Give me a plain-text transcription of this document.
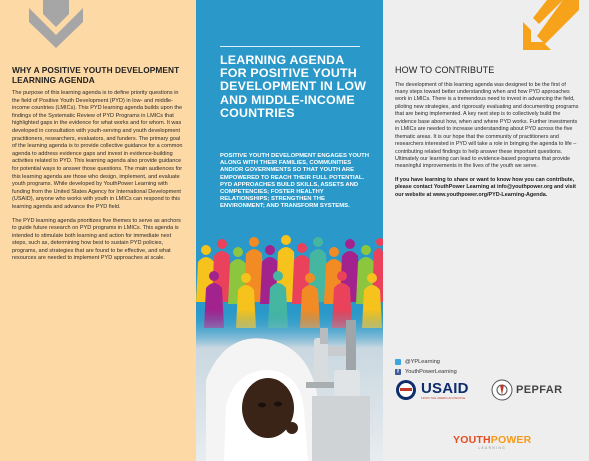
WHY A POSITIVE YOUTH DEVELOPMENT LEARNING AGENDA

The purpose of this learning agenda is to define priority questions in the field of Positive Youth Development (PYD) in low- and middle-income countries (LMICs). This PYD learning agenda builds upon the findings of the Systematic Review of PYD Programs in LMICs that highlighted gaps in the evidence for what works and for whom. It was developed in consultation with youth-serving and youth development practitioners, researchers, evaluators, and funders. The primary goal of the learning agenda is to provide collective guidance for a common agenda to address evidence gaps and invest in evidence-building activities related to PYD. This learning agenda also provide guidance for potential ways to answer those questions. The main audiences for this learning agenda are those who design, implement, and evaluate youth programs. While developed by YouthPower Learning with funding from the United States Agency for International Development (USAID), anyone who works with youth in LMICs can respond to this learning agenda and advance the PYD field.

The PYD learning agenda prioritizes five themes to serve as anchors to guide future research on PYD programs in LMICs. This agenda is intended to stimulate both learning and action for immediate next steps, such as, determining how best to sustain PYD policies, programs, and strategies that are found to be effective, and what resources are needed to implement PYD approaches at scale.

LEARNING AGENDA FOR POSITIVE YOUTH DEVELOPMENT IN LOW AND MIDDLE-INCOME COUNTRIES

POSITIVE YOUTH DEVELOPMENT ENGAGES YOUTH ALONG WITH THEIR FAMILIES, COMMUNITIES AND/OR GOVERNMENTS SO THAT YOUTH ARE EMPOWERED TO REACH THEIR FULL POTENTIAL. PYD APPROACHES BUILD SKILLS, ASSETS AND COMPETENCIES; FOSTER HEALTHY RELATIONSHIPS; STRENGTHEN THE ENVIRONMENT; AND TRANSFORM SYSTEMS.

Photo Credit: Jake Lyell for ACDI/VOCA
HOW TO CONTRIBUTE

The development of this learning agenda was designed to be the first of many steps toward better understanding when and how PYD approaches work in LMICs. There is a tremendous need to invest in advancing the field, piloting new strategies, and rigorously evaluating and documenting programs that are being implemented. A key next step is to collectively build the evidence base about how, when and where PYD works. Further investments in LMICs are needed to increase understanding about PYD across the five thematic areas. It is our hope that the community of practitioners and researchers interested in PYD will take a role in bringing the agenda to life – contributing related findings to help answer these important questions. Ultimately our learning can lead to evidence-based programs that provide meaningful improvements in the lives of the youth we serve.

If you have learning to share or want to know how you can contribute, please contact YouthPower Learning at info@youthpower.org and visit our website at www.youthpower.org/PYD-Learning-Agenda.

@YPLearning
f	YouthPowerLearning
USAID
FROM THE AMERICAN PEOPLE
PEPFAR
YOUTHPOWER
LEARNING
